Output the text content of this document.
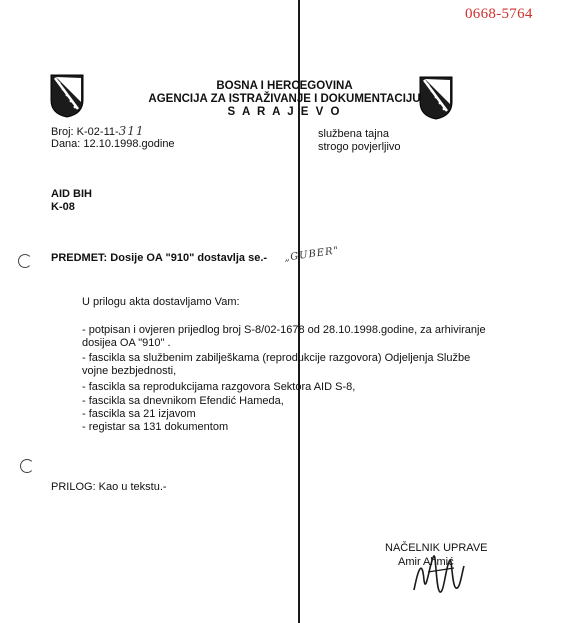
0668-5764
BOSNA I HERCEGOVINA
AGENCIJA ZA ISTRAŽIVANJE I DOKUMENTACIJU
S A R A J E V O
Broj: K-02-11-311
Dana: 12.10.1998.godine
službena tajna
strogo povjerljivo
AID BIH
K-08
PREDMET: Dosije OA "910" dostavlja se.- „GUBER"
U prilogu akta dostavljamo Vam:
- potpisan i ovjeren prijedlog broj S-8/02-1678 od 28.10.1998.godine, za arhiviranje
dosijea OA "910" .
- fascikla sa službenim zabilješkama (reprodukcije razgovora) Odjeljenja Službe
vojne bezbjednosti,
- fascikla sa reprodukcijama razgovora Sektora AID S-8,
- fascikla sa dnevnikom Efendić Hameda,
- fascikla sa 21 izjavom
- registar sa 131 dokumentom
PRILOG: Kao u tekstu.-
NAČELNIK UPRAVE
Amir Ahmić
